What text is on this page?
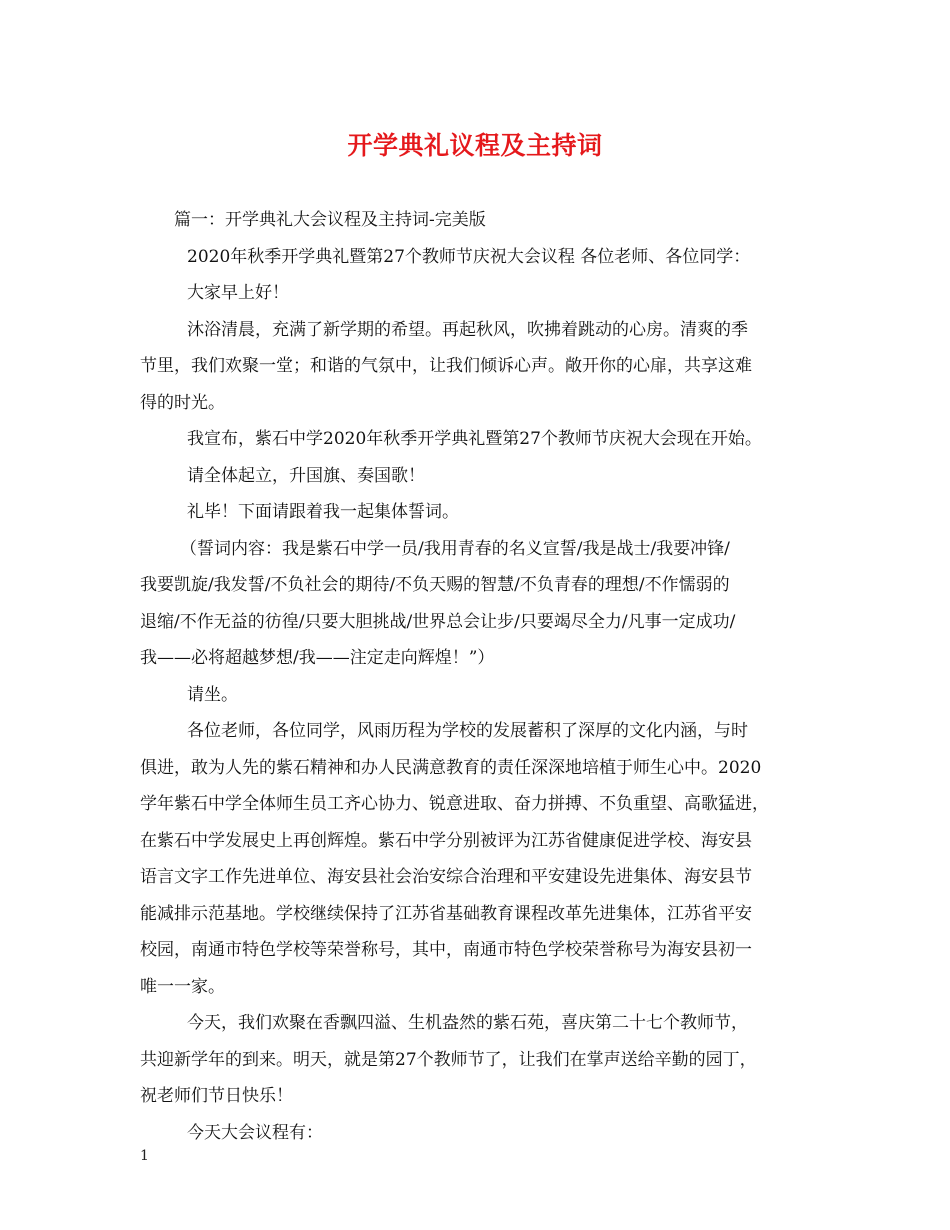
开学典礼议程及主持词
篇一：开学典礼大会议程及主持词-完美版
2020年秋季开学典礼暨第27个教师节庆祝大会议程 各位老师、各位同学：
大家早上好！
沐浴清晨，充满了新学期的希望。再起秋风，吹拂着跳动的心房。清爽的季
节里，我们欢聚一堂；和谐的气氛中，让我们倾诉心声。敞开你的心扉，共享这难
得的时光。
我宣布，紫石中学2020年秋季开学典礼暨第27个教师节庆祝大会现在开始。
请全体起立，升国旗、奏国歌！
礼毕！下面请跟着我一起集体誓词。
（誓词内容：我是紫石中学一员/我用青春的名义宣誓/我是战士/我要冲锋/
我要凯旋/我发誓/不负社会的期待/不负天赐的智慧/不负青春的理想/不作懦弱的
退缩/不作无益的彷徨/只要大胆挑战/世界总会让步/只要竭尽全力/凡事一定成功/
我——必将超越梦想/我——注定走向辉煌！”）
请坐。
各位老师，各位同学，风雨历程为学校的发展蓄积了深厚的文化内涵，与时
俱进，敢为人先的紫石精神和办人民满意教育的责任深深地培植于师生心中。2020
学年紫石中学全体师生员工齐心协力、锐意进取、奋力拼搏、不负重望、高歌猛进，
在紫石中学发展史上再创辉煌。紫石中学分别被评为江苏省健康促进学校、海安县
语言文字工作先进单位、海安县社会治安综合治理和平安建设先进集体、海安县节
能减排示范基地。学校继续保持了江苏省基础教育课程改革先进集体，江苏省平安
校园，南通市特色学校等荣誉称号，其中，南通市特色学校荣誉称号为海安县初一
唯一一家。
今天，我们欢聚在香飘四溢、生机盎然的紫石苑，喜庆第二十七个教师节，
共迎新学年的到来。明天，就是第27个教师节了，让我们在掌声送给辛勤的园丁，
祝老师们节日快乐！
今天大会议程有：
1
